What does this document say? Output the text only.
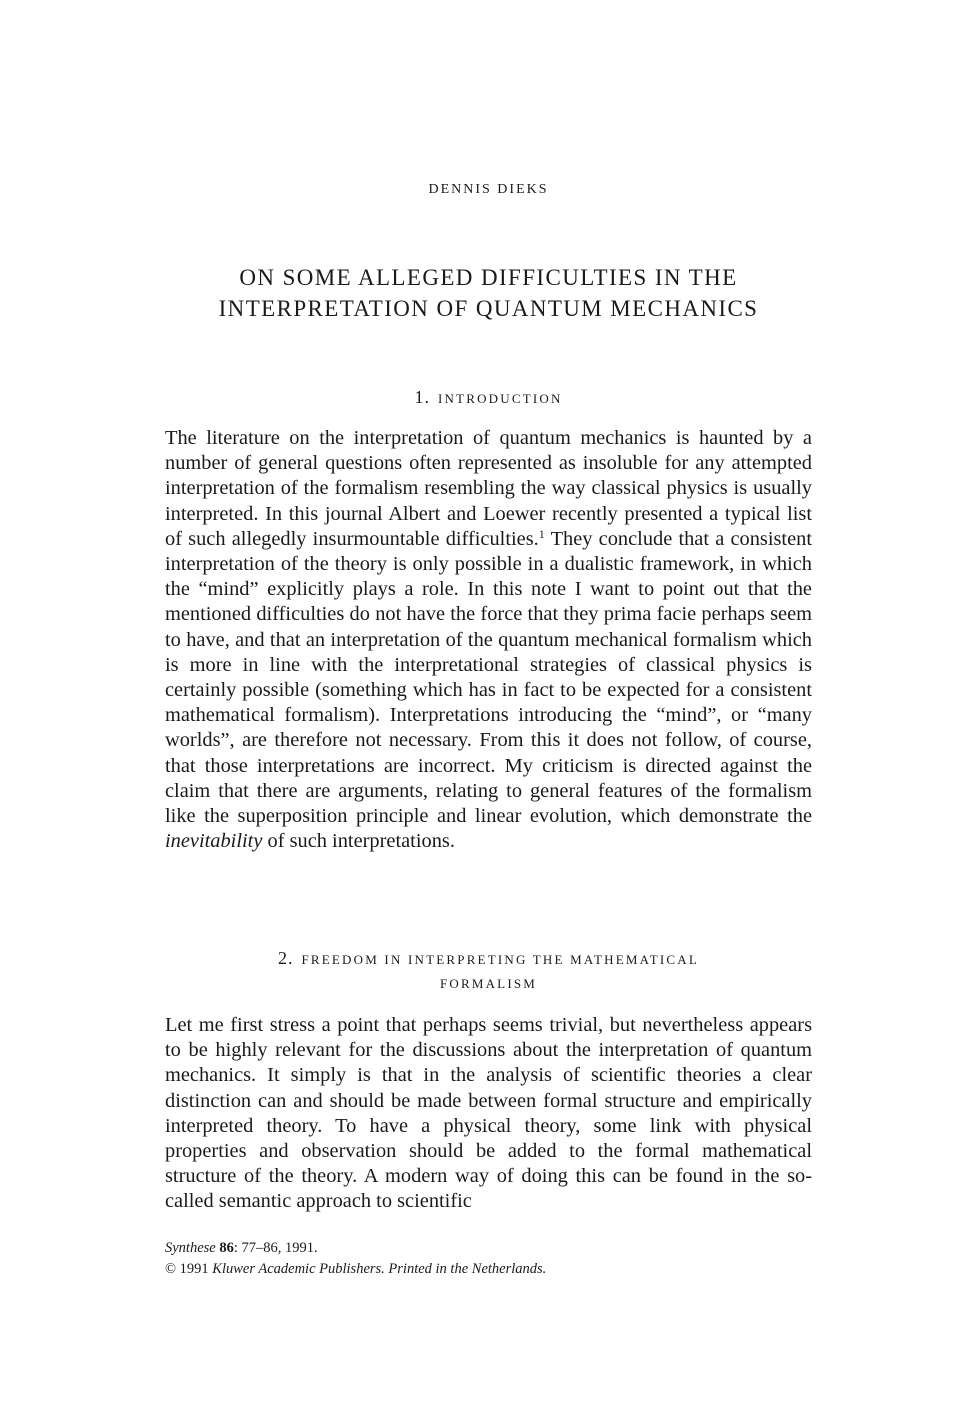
DENNIS DIEKS
ON SOME ALLEGED DIFFICULTIES IN THE
INTERPRETATION OF QUANTUM MECHANICS
1. INTRODUCTION

The literature on the interpretation of quantum mechanics is haunted by a number of general questions often represented as insoluble for any attempted interpretation of the formalism resembling the way classical physics is usually interpreted. In this journal Albert and Loewer recently presented a typical list of such allegedly insurmountable difficulties.$^1$ They conclude that a consistent interpretation of the theory is only possible in a dualistic framework, in which the “mind” explicitly plays a role. In this note I want to point out that the mentioned difficulties do not have the force that they prima facie perhaps seem to have, and that an interpretation of the quantum mechanical formalism which is more in line with the interpretational strategies of classical physics is certainly possible (something which has in fact to be expected for a consistent mathematical formalism). Interpretations introducing the “mind”, or “many worlds”, are therefore not necessary. From this it does not follow, of course, that those interpretations are incorrect. My criticism is directed against the claim that there are arguments, relating to general features of the formalism like the superposition principle and linear evolution, which demonstrate the inevitability of such interpretations.

2. FREEDOM IN INTERPRETING THE MATHEMATICAL
FORMALISM

Let me first stress a point that perhaps seems trivial, but nevertheless appears to be highly relevant for the discussions about the interpretation of quantum mechanics. It simply is that in the analysis of scientific theories a clear distinction can and should be made between formal structure and empirically interpreted theory. To have a physical theory, some link with physical properties and observation should be added to the formal mathematical structure of the theory. A modern way of doing this can be found in the so-called semantic approach to scientific

Synthese 86: 77–86, 1991.
© 1991 Kluwer Academic Publishers. Printed in the Netherlands.
